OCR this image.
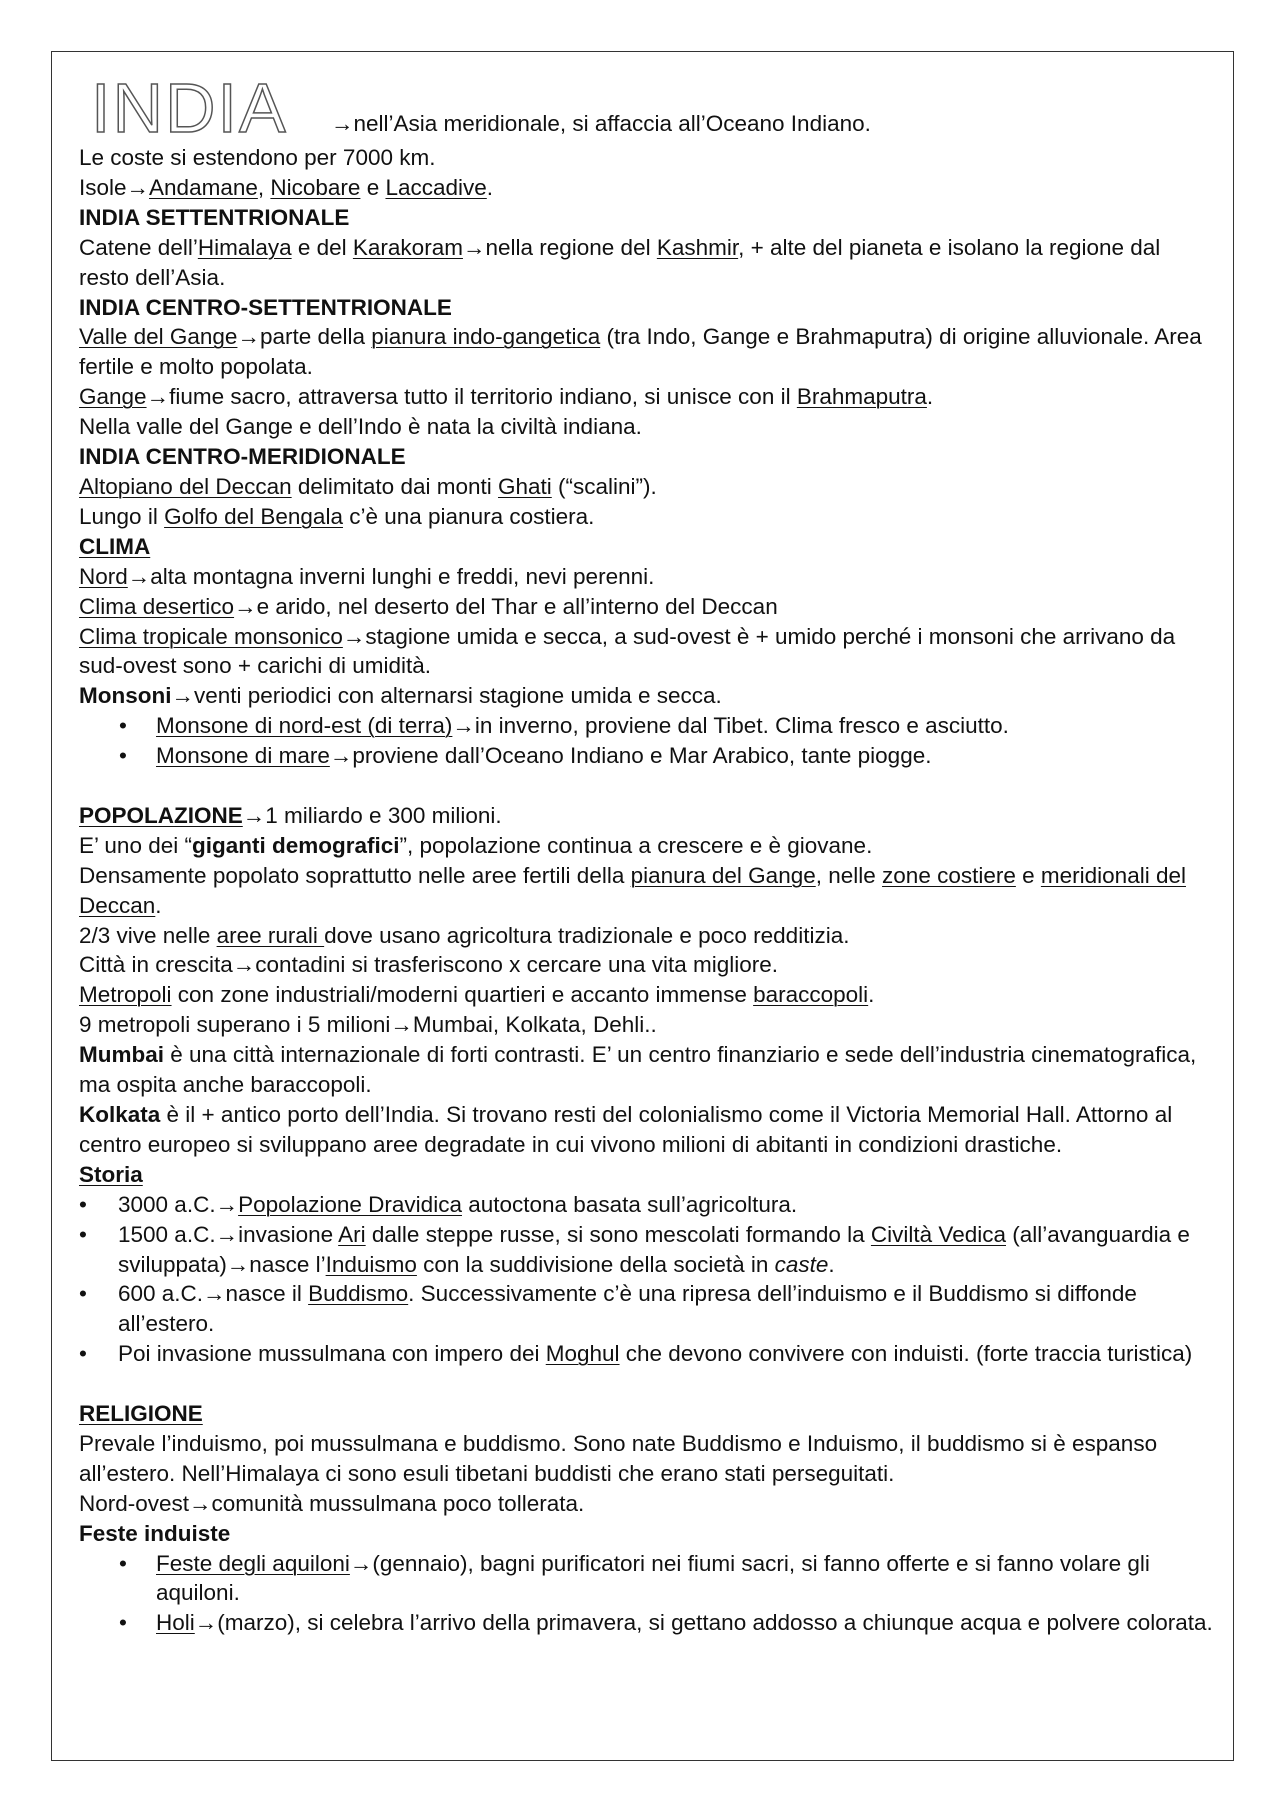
INDIA →nell’Asia meridionale, si affaccia all’Oceano Indiano.
Le coste si estendono per 7000 km.
Isole→Andamane, Nicobare e Laccadive.
INDIA SETTENTRIONALE
Catene dell’Himalaya e del Karakoram→nella regione del Kashmir, + alte del pianeta e isolano la regione dal resto dell’Asia.
INDIA CENTRO-SETTENTRIONALE
Valle del Gange→parte della pianura indo-gangetica (tra Indo, Gange e Brahmaputra) di origine alluvionale. Area fertile e molto popolata.
Gange→fiume sacro, attraversa tutto il territorio indiano, si unisce con il Brahmaputra.
Nella valle del Gange e dell’Indo è nata la civiltà indiana.
INDIA CENTRO-MERIDIONALE
Altopiano del Deccan delimitato dai monti Ghati (“scalini”).
Lungo il Golfo del Bengala c’è una pianura costiera.
CLIMA
Nord→alta montagna inverni lunghi e freddi, nevi perenni.
Clima desertico→e arido, nel deserto del Thar e all’interno del Deccan
Clima tropicale monsonico→stagione umida e secca, a sud-ovest è + umido perché i monsoni che arrivano da sud-ovest sono + carichi di umidità.
Monsoni→venti periodici con alternarsi stagione umida e secca.
• Monsone di nord-est (di terra)→in inverno, proviene dal Tibet. Clima fresco e asciutto.
• Monsone di mare→proviene dall’Oceano Indiano e Mar Arabico, tante piogge.
POPOLAZIONE→1 miliardo e 300 milioni.
E’ uno dei “giganti demografici”, popolazione continua a crescere e è giovane.
Densamente popolato soprattutto nelle aree fertili della pianura del Gange, nelle zone costiere e meridionali del Deccan.
2/3 vive nelle aree rurali dove usano agricoltura tradizionale e poco redditizia.
Città in crescita→contadini si trasferiscono x cercare una vita migliore.
Metropoli con zone industriali/moderni quartieri e accanto immense baraccopoli.
9 metropoli superano i 5 milioni→Mumbai, Kolkata, Dehli..
Mumbai è una città internazionale di forti contrasti. E’ un centro finanziario e sede dell’industria cinematografica, ma ospita anche baraccopoli.
Kolkata è il + antico porto dell’India. Si trovano resti del colonialismo come il Victoria Memorial Hall. Attorno al centro europeo si sviluppano aree degradate in cui vivono milioni di abitanti in condizioni drastiche.
Storia
• 3000 a.C.→Popolazione Dravidica autoctona basata sull’agricoltura.
• 1500 a.C.→invasione Ari dalle steppe russe, si sono mescolati formando la Civiltà Vedica (all’avanguardia e sviluppata)→nasce l’Induismo con la suddivisione della società in caste.
• 600 a.C.→nasce il Buddismo. Successivamente c’è una ripresa dell’induismo e il Buddismo si diffonde all’estero.
• Poi invasione mussulmana con impero dei Moghul che devono convivere con induisti. (forte traccia turistica)
RELIGIONE
Prevale l’induismo, poi mussulmana e buddismo. Sono nate Buddismo e Induismo, il buddismo si è espanso all’estero. Nell’Himalaya ci sono esuli tibetani buddisti che erano stati perseguitati.
Nord-ovest→comunità mussulmana poco tollerata.
Feste induiste
• Feste degli aquiloni→(gennaio), bagni purificatori nei fiumi sacri, si fanno offerte e si fanno volare gli aquiloni.
• Holi→(marzo), si celebra l’arrivo della primavera, si gettano addosso a chiunque acqua e polvere colorata.
